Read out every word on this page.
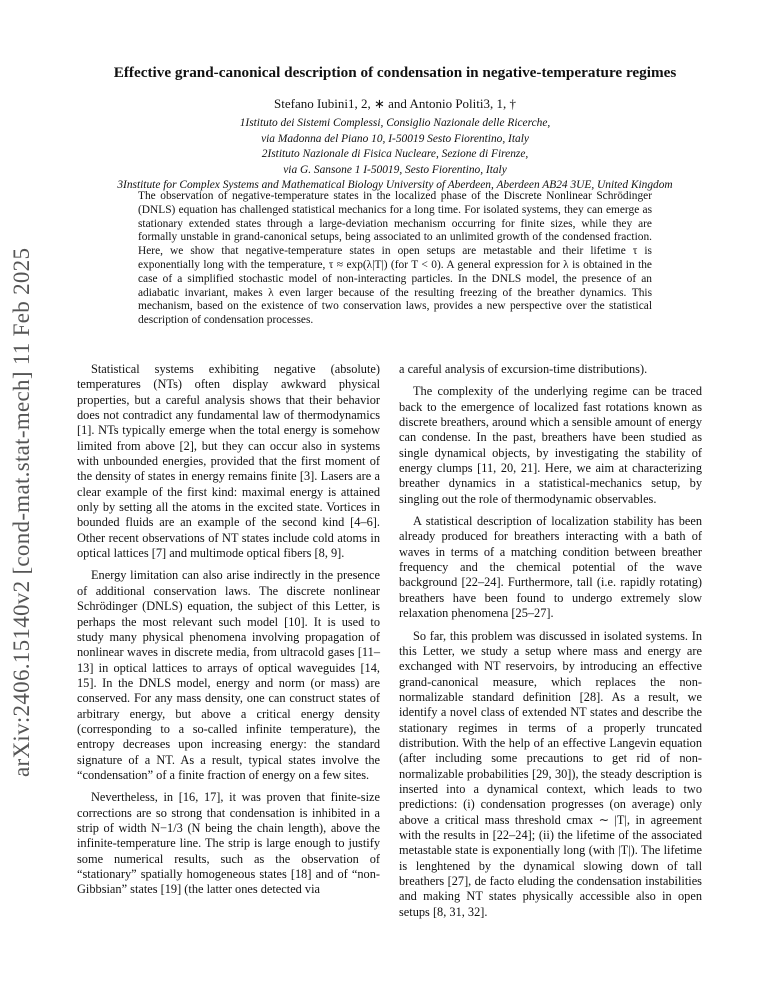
arXiv:2406.15140v2 [cond-mat.stat-mech] 11 Feb 2025
Effective grand-canonical description of condensation in negative-temperature regimes
Stefano Iubini1, 2, ∗ and Antonio Politi3, 1, †
1Istituto dei Sistemi Complessi, Consiglio Nazionale delle Ricerche,
via Madonna del Piano 10, I-50019 Sesto Fiorentino, Italy
2Istituto Nazionale di Fisica Nucleare, Sezione di Firenze,
via G. Sansone 1 I-50019, Sesto Fiorentino, Italy
3Institute for Complex Systems and Mathematical Biology University of Aberdeen, Aberdeen AB24 3UE, United Kingdom
The observation of negative-temperature states in the localized phase of the Discrete Nonlinear Schrödinger (DNLS) equation has challenged statistical mechanics for a long time. For isolated systems, they can emerge as stationary extended states through a large-deviation mechanism occurring for finite sizes, while they are formally unstable in grand-canonical setups, being associated to an unlimited growth of the condensed fraction. Here, we show that negative-temperature states in open setups are metastable and their lifetime τ is exponentially long with the temperature, τ ≈ exp(λ|T|) (for T < 0). A general expression for λ is obtained in the case of a simplified stochastic model of non-interacting particles. In the DNLS model, the presence of an adiabatic invariant, makes λ even larger because of the resulting freezing of the breather dynamics. This mechanism, based on the existence of two conservation laws, provides a new perspective over the statistical description of condensation processes.

Statistical systems exhibiting negative (absolute) temperatures (NTs) often display awkward physical properties, but a careful analysis shows that their behavior does not contradict any fundamental law of thermodynamics [1]. NTs typically emerge when the total energy is somehow limited from above [2], but they can occur also in systems with unbounded energies, provided that the first moment of the density of states in energy remains finite [3]. Lasers are a clear example of the first kind: maximal energy is attained only by setting all the atoms in the excited state. Vortices in bounded fluids are an example of the second kind [4–6]. Other recent observations of NT states include cold atoms in optical lattices [7] and multimode optical fibers [8, 9].

Energy limitation can also arise indirectly in the presence of additional conservation laws. The discrete nonlinear Schrödinger (DNLS) equation, the subject of this Letter, is perhaps the most relevant such model [10]. It is used to study many physical phenomena involving propagation of nonlinear waves in discrete media, from ultracold gases [11–13] in optical lattices to arrays of optical waveguides [14, 15]. In the DNLS model, energy and norm (or mass) are conserved. For any mass density, one can construct states of arbitrary energy, but above a critical energy density (corresponding to a so-called infinite temperature), the entropy decreases upon increasing energy: the standard signature of a NT. As a result, typical states involve the “condensation” of a finite fraction of energy on a few sites.

Nevertheless, in [16, 17], it was proven that finite-size corrections are so strong that condensation is inhibited in a strip of width N−1/3 (N being the chain length), above the infinite-temperature line. The strip is large enough to justify some numerical results, such as the observation of “stationary” spatially homogeneous states [18] and of “non-Gibbsian” states [19] (the latter ones detected via

a careful analysis of excursion-time distributions).

The complexity of the underlying regime can be traced back to the emergence of localized fast rotations known as discrete breathers, around which a sensible amount of energy can condense. In the past, breathers have been studied as single dynamical objects, by investigating the stability of energy clumps [11, 20, 21]. Here, we aim at characterizing breather dynamics in a statistical-mechanics setup, by singling out the role of thermodynamic observables.

A statistical description of localization stability has been already produced for breathers interacting with a bath of waves in terms of a matching condition between breather frequency and the chemical potential of the wave background [22–24]. Furthermore, tall (i.e. rapidly rotating) breathers have been found to undergo extremely slow relaxation phenomena [25–27].

So far, this problem was discussed in isolated systems. In this Letter, we study a setup where mass and energy are exchanged with NT reservoirs, by introducing an effective grand-canonical measure, which replaces the non-normalizable standard definition [28]. As a result, we identify a novel class of extended NT states and describe the stationary regimes in terms of a properly truncated distribution. With the help of an effective Langevin equation (after including some precautions to get rid of non-normalizable probabilities [29, 30]), the steady description is inserted into a dynamical context, which leads to two predictions: (i) condensation progresses (on average) only above a critical mass threshold cmax ∼ |T|, in agreement with the results in [22–24]; (ii) the lifetime of the associated metastable state is exponentially long (with |T|). The lifetime is lenghtened by the dynamical slowing down of tall breathers [27], de facto eluding the condensation instabilities and making NT states physically accessible also in open setups [8, 31, 32].
